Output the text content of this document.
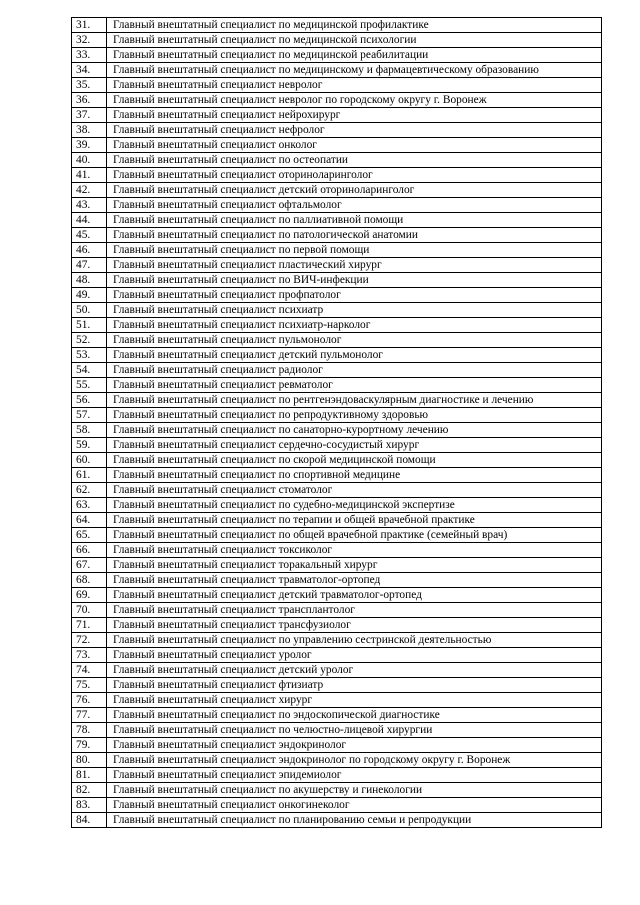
31.	Главный внештатный специалист по медицинской профилактике
32.	Главный внештатный специалист по медицинской психологии
33.	Главный внештатный специалист по медицинской реабилитации
34.	Главный внештатный специалист по медицинскому и фармацевтическому образованию
35.	Главный внештатный специалист невролог
36.	Главный внештатный специалист невролог по городскому округу г. Воронеж
37.	Главный внештатный специалист нейрохирург
38.	Главный внештатный специалист нефролог
39.	Главный внештатный специалист онколог
40.	Главный внештатный специалист по остеопатии
41.	Главный внештатный специалист оториноларинголог
42.	Главный внештатный специалист детский оториноларинголог
43.	Главный внештатный специалист офтальмолог
44.	Главный внештатный специалист по паллиативной помощи
45.	Главный внештатный специалист по патологической анатомии
46.	Главный внештатный специалист по первой помощи
47.	Главный внештатный специалист пластический хирург
48.	Главный внештатный специалист по ВИЧ-инфекции
49.	Главный внештатный специалист профпатолог
50.	Главный внештатный специалист психиатр
51.	Главный внештатный специалист психиатр-нарколог
52.	Главный внештатный специалист пульмонолог
53.	Главный внештатный специалист детский пульмонолог
54.	Главный внештатный специалист радиолог
55.	Главный внештатный специалист ревматолог
56.	Главный внештатный специалист по рентгенэндоваскулярным диагностике и лечению
57.	Главный внештатный специалист по репродуктивному здоровью
58.	Главный внештатный специалист по санаторно-курортному лечению
59.	Главный внештатный специалист сердечно-сосудистый хирург
60.	Главный внештатный специалист по скорой медицинской помощи
61.	Главный внештатный специалист по спортивной медицине
62.	Главный внештатный специалист стоматолог
63.	Главный внештатный специалист по судебно-медицинской экспертизе
64.	Главный внештатный специалист по терапии и общей врачебной практике
65.	Главный внештатный специалист по общей врачебной практике (семейный врач)
66.	Главный внештатный специалист токсиколог
67.	Главный внештатный специалист торакальный хирург
68.	Главный внештатный специалист травматолог-ортопед
69.	Главный внештатный специалист детский травматолог-ортопед
70.	Главный внештатный специалист трансплантолог
71.	Главный внештатный специалист трансфузиолог
72.	Главный внештатный специалист по управлению сестринской деятельностью
73.	Главный внештатный специалист уролог
74.	Главный внештатный специалист детский уролог
75.	Главный внештатный специалист фтизиатр
76.	Главный внештатный специалист хирург
77.	Главный внештатный специалист по эндоскопической диагностике
78.	Главный внештатный специалист по челюстно-лицевой хирургии
79.	Главный внештатный специалист эндокринолог
80.	Главный внештатный специалист эндокринолог по городскому округу г. Воронеж
81.	Главный внештатный специалист эпидемиолог
82.	Главный внештатный специалист по акушерству и гинекологии
83.	Главный внештатный специалист онкогинеколог
84.	Главный внештатный специалист по планированию семьи и репродукции
